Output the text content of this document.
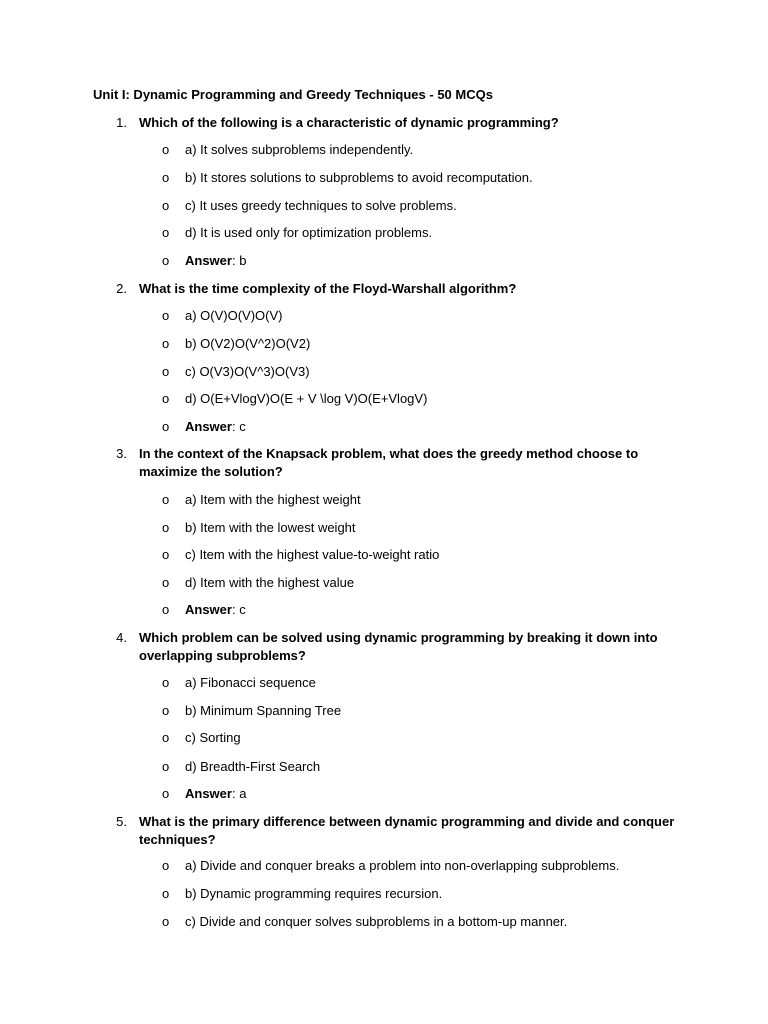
Unit I: Dynamic Programming and Greedy Techniques - 50 MCQs
1. Which of the following is a characteristic of dynamic programming?
o a) It solves subproblems independently.
o b) It stores solutions to subproblems to avoid recomputation.
o c) It uses greedy techniques to solve problems.
o d) It is used only for optimization problems.
o Answer: b
2. What is the time complexity of the Floyd-Warshall algorithm?
o a) O(V)O(V)O(V)
o b) O(V2)O(V^2)O(V2)
o c) O(V3)O(V^3)O(V3)
o d) O(E+VlogV)O(E + V \log V)O(E+VlogV)
o Answer: c
3. In the context of the Knapsack problem, what does the greedy method choose to maximize the solution?
o a) Item with the highest weight
o b) Item with the lowest weight
o c) Item with the highest value-to-weight ratio
o d) Item with the highest value
o Answer: c
4. Which problem can be solved using dynamic programming by breaking it down into overlapping subproblems?
o a) Fibonacci sequence
o b) Minimum Spanning Tree
o c) Sorting
o d) Breadth-First Search
o Answer: a
5. What is the primary difference between dynamic programming and divide and conquer techniques?
o a) Divide and conquer breaks a problem into non-overlapping subproblems.
o b) Dynamic programming requires recursion.
o c) Divide and conquer solves subproblems in a bottom-up manner.
